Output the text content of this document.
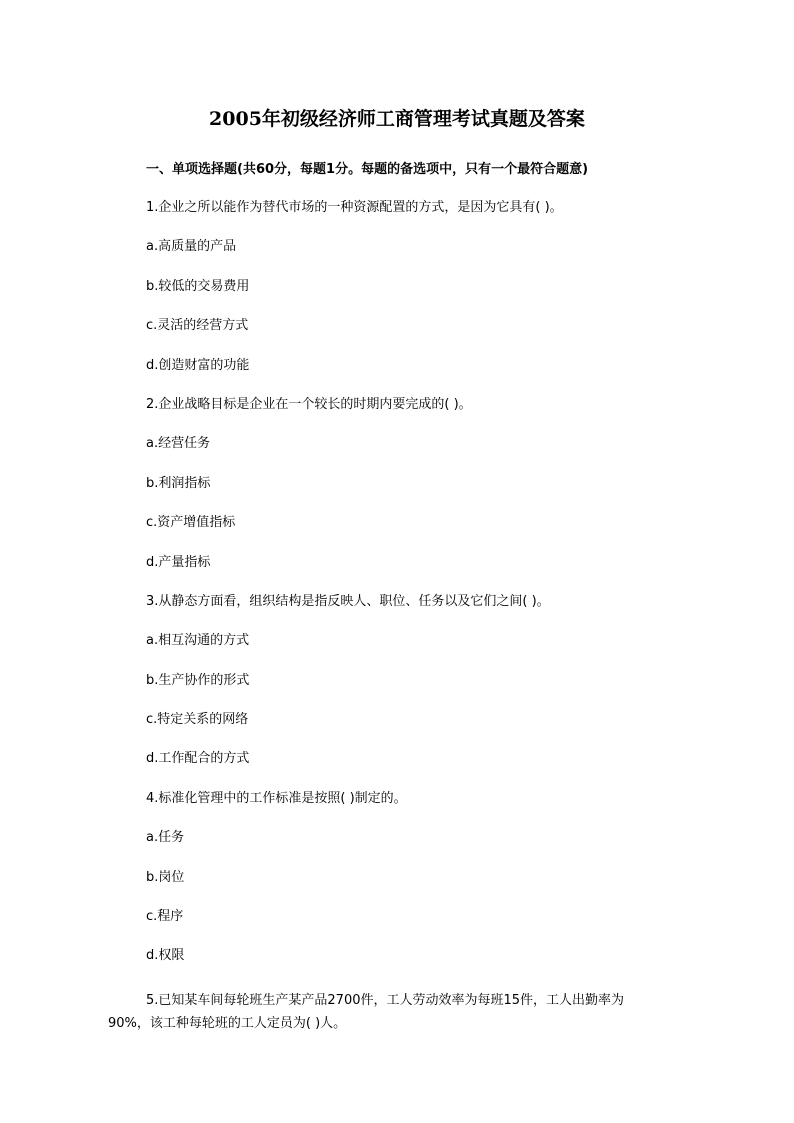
2005年初级经济师工商管理考试真题及答案
一、单项选择题(共60分，每题1分。每题的备选项中，只有一个最符合题意)
1.企业之所以能作为替代市场的一种资源配置的方式，是因为它具有( )。
a.高质量的产品
b.较低的交易费用
c.灵活的经营方式
d.创造财富的功能
2.企业战略目标是企业在一个较长的时期内要完成的( )。
a.经营任务
b.利润指标
c.资产增值指标
d.产量指标
3.从静态方面看，组织结构是指反映人、职位、任务以及它们之间( )。
a.相互沟通的方式
b.生产协作的形式
c.特定关系的网络
d.工作配合的方式
4.标准化管理中的工作标准是按照( )制定的。
a.任务
b.岗位
c.程序
d.权限
5.已知某车间每轮班生产某产品2700件，工人劳动效率为每班15件，工人出勤率为
90%，该工种每轮班的工人定员为( )人。
